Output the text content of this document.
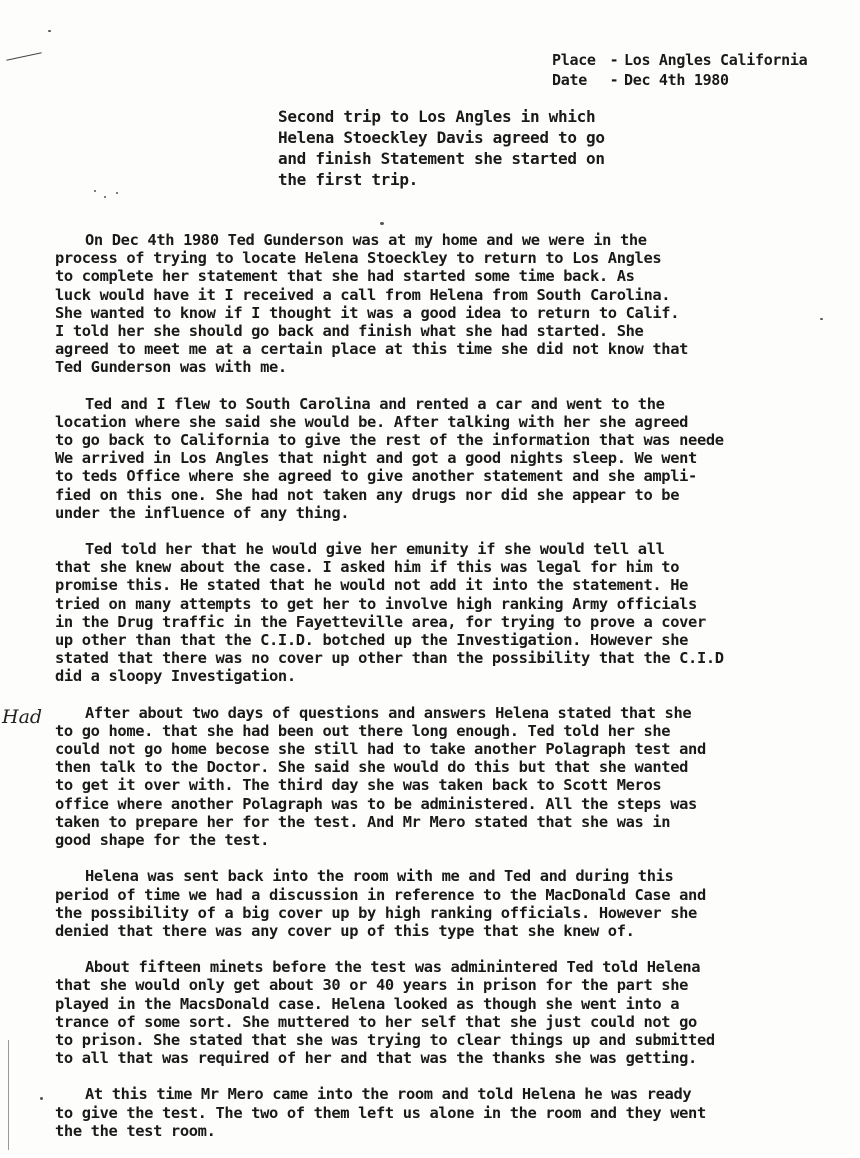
Place - Los Angles California
Date - Dec 4th 1980
Second trip to Los Angles in which
Helena Stoeckley Davis agreed to go
and finish Statement she started on
the first trip.
Had
On Dec 4th 1980 Ted Gunderson was at my home and we were in the
process of trying to locate Helena Stoeckley to return to Los Angles
to complete her statement that she had started some time back. As
luck would have it I received a call from Helena from South Carolina.
She wanted to know if I thought it was a good idea to return to Calif.
I told her she should go back and finish what she had started. She
agreed to meet me at a certain place at this time she did not know that
Ted Gunderson was with me.
Ted and I flew to South Carolina and rented a car and went to the
location where she said she would be. After talking with her she agreed
to go back to California to give the rest of the information that was neede
We arrived in Los Angles that night and got a good nights sleep. We went
to teds Office where she agreed to give another statement and she ampli-
fied on this one. She had not taken any drugs nor did she appear to be
under the influence of any thing.
Ted told her that he would give her emunity if she would tell all
that she knew about the case. I asked him if this was legal for him to
promise this. He stated that he would not add it into the statement. He
tried on many attempts to get her to involve high ranking Army officials
in the Drug traffic in the Fayetteville area, for trying to prove a cover
up other than that the C.I.D. botched up the Investigation. However she
stated that there was no cover up other than the possibility that the C.I.D
did a sloopy Investigation.
After about two days of questions and answers Helena stated that she
to go home. that she had been out there long enough. Ted told her she
could not go home becose she still had to take another Polagraph test and
then talk to the Doctor. She said she would do this but that she wanted
to get it over with. The third day she was taken back to Scott Meros
office where another Polagraph was to be administered. All the steps was
taken to prepare her for the test. And Mr Mero stated that she was in
good shape for the test.
Helena was sent back into the room with me and Ted and during this
period of time we had a discussion in reference to the MacDonald Case and
the possibility of a big cover up by high ranking officials. However she
denied that there was any cover up of this type that she knew of.
About fifteen minets before the test was adminintered Ted told Helena
that she would only get about 30 or 40 years in prison for the part she
played in the MacsDonald case. Helena looked as though she went into a
trance of some sort. She muttered to her self that she just could not go
to prison. She stated that she was trying to clear things up and submitted
to all that was required of her and that was the thanks she was getting.
At this time Mr Mero came into the room and told Helena he was ready
to give the test. The two of them left us alone in the room and they went
the the test room.
